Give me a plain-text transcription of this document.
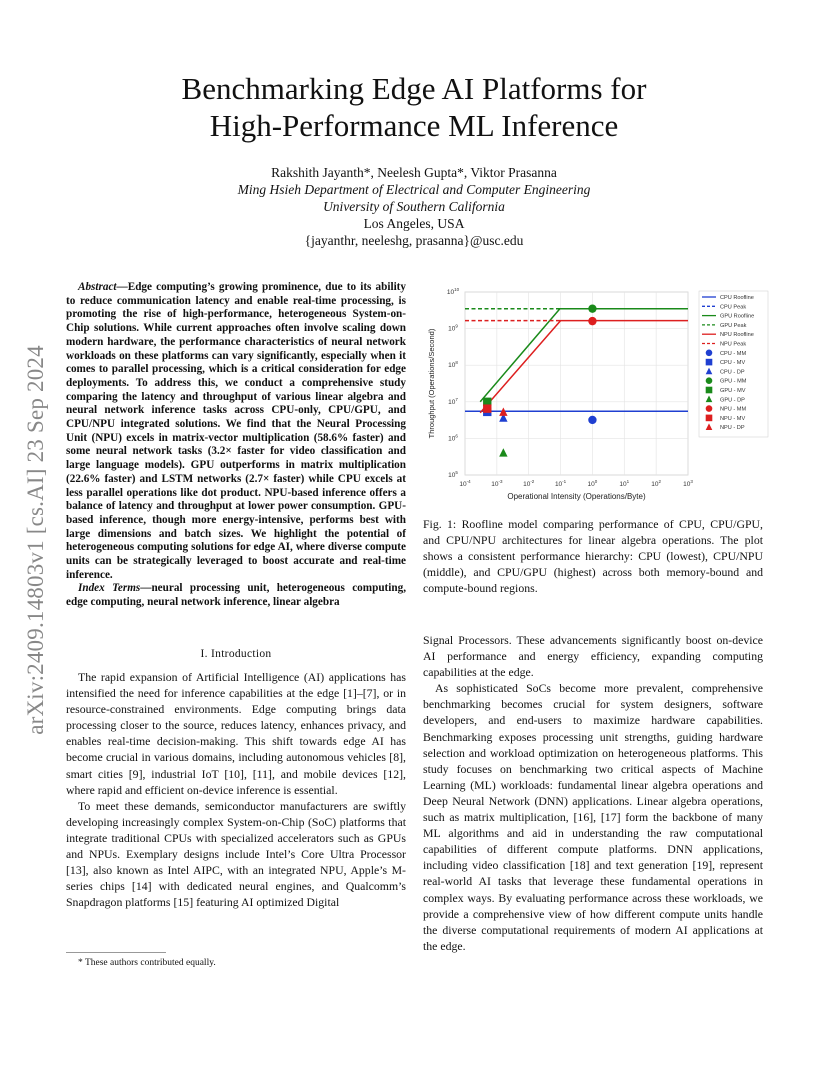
arXiv:2409.14803v1 [cs.AI] 23 Sep 2024
Benchmarking Edge AI Platforms for
High-Performance ML Inference
Rakshith Jayanth*, Neelesh Gupta*, Viktor Prasanna
Ming Hsieh Department of Electrical and Computer Engineering
University of Southern California
Los Angeles, USA
{jayanthr, neeleshg, prasanna}@usc.edu

Abstract—Edge computing’s growing prominence, due to its ability to reduce communication latency and enable real-time processing, is promoting the rise of high-performance, heterogeneous System-on-Chip solutions. While current approaches often involve scaling down modern hardware, the performance characteristics of neural network workloads on these platforms can vary significantly, especially when it comes to parallel processing, which is a critical consideration for edge deployments. To address this, we conduct a comprehensive study comparing the latency and throughput of various linear algebra and neural network inference tasks across CPU-only, CPU/GPU, and CPU/NPU integrated solutions. We find that the Neural Processing Unit (NPU) excels in matrix-vector multiplication (58.6% faster) and some neural network tasks (3.2× faster for video classification and large language models). GPU outperforms in matrix multiplication (22.6% faster) and LSTM networks (2.7× faster) while CPU excels at less parallel operations like dot product. NPU-based inference offers a balance of latency and throughput at lower power consumption. GPU-based inference, though more energy-intensive, performs best with large dimensions and batch sizes. We highlight the potential of heterogeneous computing solutions for edge AI, where diverse compute units can be strategically leveraged to boost accurate and real-time inference.

Index Terms—neural processing unit, heterogeneous computing, edge computing, neural network inference, linear algebra

I. Introduction

The rapid expansion of Artificial Intelligence (AI) applications has intensified the need for inference capabilities at the edge [1]–[7], or in resource-constrained environments. Edge computing brings data processing closer to the source, reduces latency, enhances privacy, and enables real-time decision-making. This shift towards edge AI has become crucial in various domains, including autonomous vehicles [8], smart cities [9], industrial IoT [10], [11], and mobile devices [12], where rapid and efficient on-device inference is essential.

To meet these demands, semiconductor manufacturers are swiftly developing increasingly complex System-on-Chip (SoC) platforms that integrate traditional CPUs with specialized accelerators such as GPUs and NPUs. Exemplary designs include Intel’s Core Ultra Processor [13], also known as Intel AIPC, with an integrated NPU, Apple’s M-series chips [14] with dedicated neural engines, and Qualcomm’s Snapdragon platforms [15] featuring AI optimized Digital

* These authors contributed equally.
$10^{-4}$	$10^{-3}$	$10^{-2}$	$10^{-1}$	$10^0$	$10^1$	$10^2$	$10^3$
$10^5$
$10^6$
$10^7$
$10^8$
$10^9$
$10^{10}$
Operational Intensity (Operations/Byte)
Throughput (Operations/Second)
CPU Roofline
CPU Peak
GPU Roofline
GPU Peak
NPU Roofline
NPU Peak
CPU - MM
CPU - MV
CPU - DP
GPU - MM
GPU - MV
GPU - DP
NPU - MM
NPU - MV
NPU - DP
Fig. 1: Roofline model comparing performance of CPU, CPU/GPU, and CPU/NPU architectures for linear algebra operations. The plot shows a consistent performance hierarchy: CPU (lowest), CPU/NPU (middle), and CPU/GPU (highest) across both memory-bound and compute-bound regions.

Signal Processors. These advancements significantly boost on-device AI performance and energy efficiency, expanding computing capabilities at the edge.

As sophisticated SoCs become more prevalent, comprehensive benchmarking becomes crucial for system designers, software developers, and end-users to maximize hardware capabilities. Benchmarking exposes processing unit strengths, guiding hardware selection and workload optimization on heterogeneous platforms. This study focuses on benchmarking two critical aspects of Machine Learning (ML) workloads: fundamental linear algebra operations and Deep Neural Network (DNN) applications. Linear algebra operations, such as matrix multiplication, [16], [17] form the backbone of many ML algorithms and aid in understanding the raw computational capabilities of different compute platforms. DNN applications, including video classification [18] and text generation [19], represent real-world AI tasks that leverage these fundamental operations in complex ways. By evaluating performance across these workloads, we provide a comprehensive view of how different compute units handle the diverse computational requirements of modern AI applications at the edge.
